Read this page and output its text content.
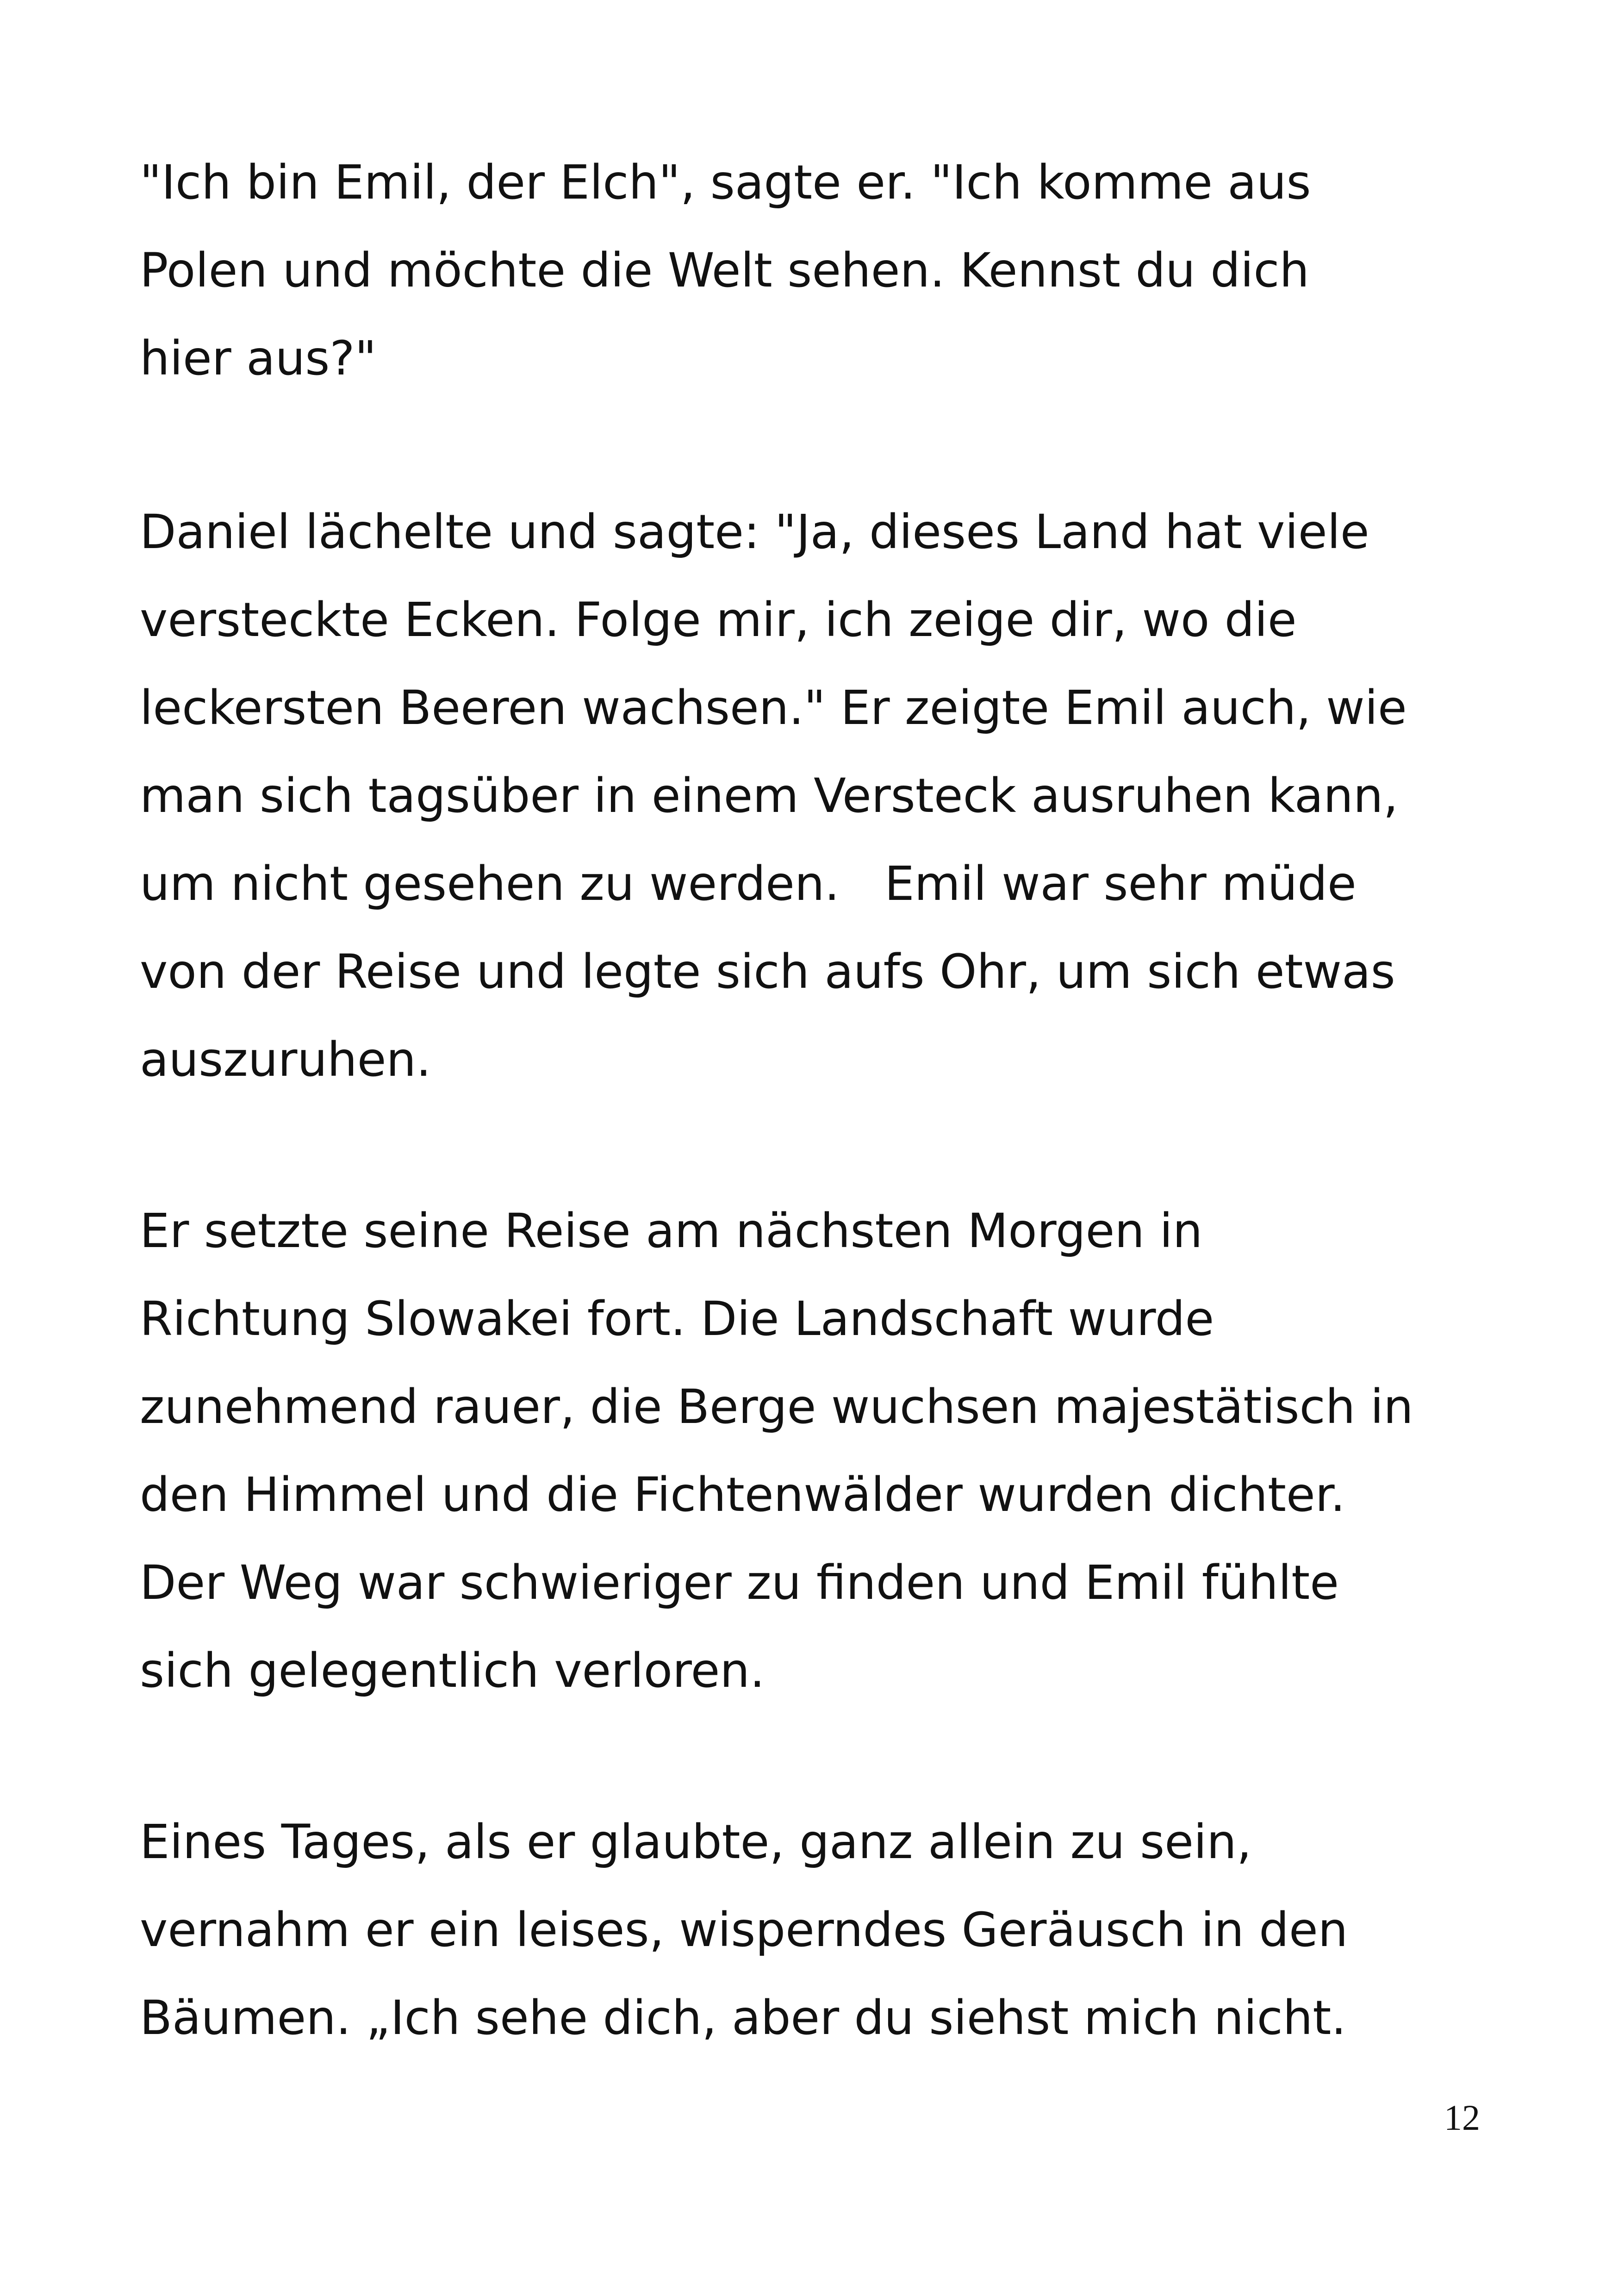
"Ich bin Emil, der Elch", sagte er. "Ich komme aus
Polen und möchte die Welt sehen. Kennst du dich
hier aus?"
Daniel lächelte und sagte: "Ja, dieses Land hat viele
versteckte Ecken. Folge mir, ich zeige dir, wo die
leckersten Beeren wachsen." Er zeigte Emil auch, wie
man sich tagsüber in einem Versteck ausruhen kann,
um nicht gesehen zu werden.   Emil war sehr müde
von der Reise und legte sich aufs Ohr, um sich etwas
auszuruhen.
Er setzte seine Reise am nächsten Morgen in
Richtung Slowakei fort. Die Landschaft wurde
zunehmend rauer, die Berge wuchsen majestätisch in
den Himmel und die Fichtenwälder wurden dichter.
Der Weg war schwieriger zu finden und Emil fühlte
sich gelegentlich verloren.
Eines Tages, als er glaubte, ganz allein zu sein,
vernahm er ein leises, wisperndes Geräusch in den
Bäumen. „Ich sehe dich, aber du siehst mich nicht.
12
